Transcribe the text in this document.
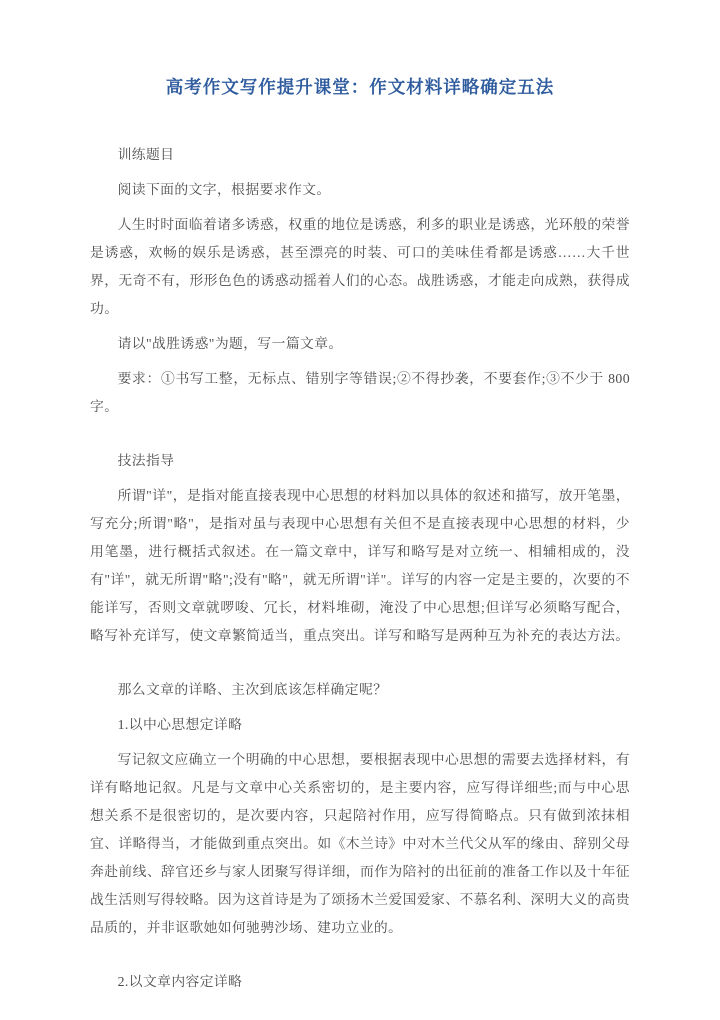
高考作文写作提升课堂：作文材料详略确定五法

训练题目

阅读下面的文字，根据要求作文。

人生时时面临着诸多诱惑，权重的地位是诱惑，利多的职业是诱惑，光环般的荣誉是诱惑，欢畅的娱乐是诱惑，甚至漂亮的时装、可口的美味佳肴都是诱惑……大千世界，无奇不有，形形色色的诱惑动摇着人们的心态。战胜诱惑，才能走向成熟，获得成功。

请以"战胜诱惑"为题，写一篇文章。

要求：①书写工整，无标点、错别字等错误;②不得抄袭，不要套作;③不少于 800 字。

技法指导

所谓"详"，是指对能直接表现中心思想的材料加以具体的叙述和描写，放开笔墨，写充分;所谓"略"，是指对虽与表现中心思想有关但不是直接表现中心思想的材料，少用笔墨，进行概括式叙述。在一篇文章中，详写和略写是对立统一、相辅相成的，没有"详"，就无所谓"略";没有"略"，就无所谓"详"。详写的内容一定是主要的，次要的不能详写，否则文章就啰唆、冗长，材料堆砌，淹没了中心思想;但详写必须略写配合，略写补充详写，使文章繁简适当，重点突出。详写和略写是两种互为补充的表达方法。

那么文章的详略、主次到底该怎样确定呢？

1.以中心思想定详略

写记叙文应确立一个明确的中心思想，要根据表现中心思想的需要去选择材料，有详有略地记叙。凡是与文章中心关系密切的，是主要内容，应写得详细些;而与中心思想关系不是很密切的，是次要内容，只起陪衬作用，应写得简略点。只有做到浓抹相宜、详略得当，才能做到重点突出。如《木兰诗》中对木兰代父从军的缘由、辞别父母奔赴前线、辞官还乡与家人团聚写得详细，而作为陪衬的出征前的准备工作以及十年征战生活则写得较略。因为这首诗是为了颂扬木兰爱国爱家、不慕名利、深明大义的高贵品质的，并非讴歌她如何驰骋沙场、建功立业的。

2.以文章内容定详略
